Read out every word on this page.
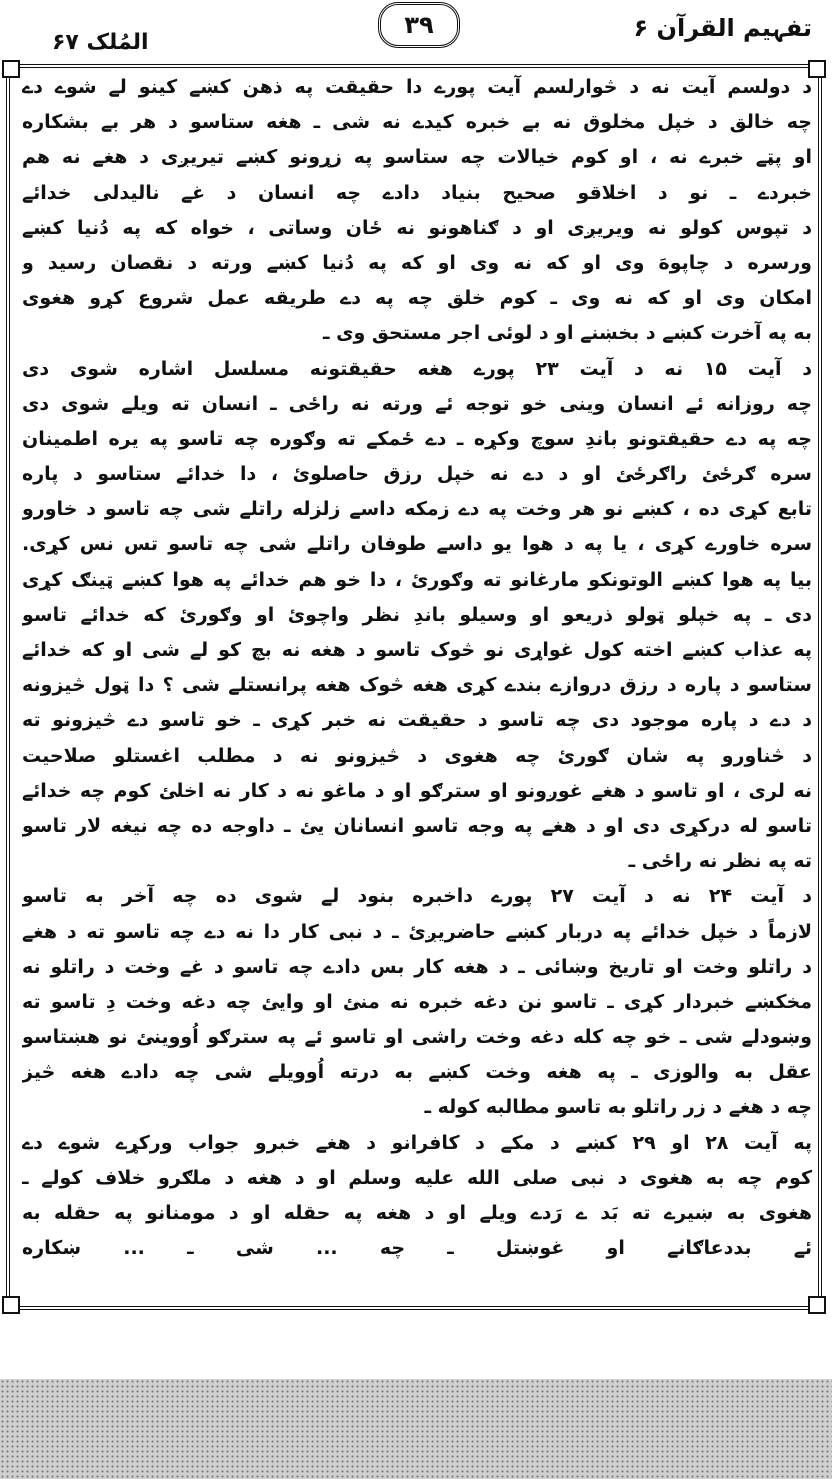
تفہیم القرآن ۶
۳۹
المُلک ۶۷
د دولسم آیت نه د څوارلسم آیت پورے دا حقیقت په ذهن کښے کینو لے شوے دے
چه خالق د خپل مخلوق نه بے خبره کیدے نه شی ـ هغه ستاسو د هر بے بشکاره
او پټے خبرے نه ، او کوم خیالات چه ستاسو په زړونو کښے تیریږی د هغے نه هم
خبردے ـ نو د اخلاقو صحیح بنیاد دادے چه انسان د غے نالیدلی خدائے
د تپوس کولو نه ویریږی او د ګناهونو نه ځان وساتی ، خواه که په دُنیا کښے
ورسره د چاپوهَ وی او که نه وی او که په دُنیا کښے ورته د نقصان رسید و
امکان وی او که نه وی ـ کوم خلق چه په دے طریقه عمل شروع کړو هغوی
به په آخرت کښے د بخښنے او د لوئی اجر مستحق وی ـ
د آیت ۱۵ نه د آیت ۲۳ پورے هغه حقیقتونه مسلسل اشاره شوی دی
چه روزانه ئے انسان وینی خو توجه ئے ورته نه راځی ـ انسان ته ویلے شوی دی
چه په دے حقیقتونو باندِ سوچ وکړه ـ دے ځمکے ته وګوره چه تاسو په یره اطمینان
سره ګرځئ راګرځئ او د دے نه خپل رزق حاصلوئ ، دا خدائے ستاسو د پاره
تابع کړی ده ، کښے نو هر وخت په دے زمکه داسے زلزله راتلے شی چه تاسو د خاورو
سره خاورے کړی ، یا په د هوا یو داسے طوفان راتلے شی چه تاسو تس نس کړی.
بیا په هوا کښے الوتونکو مارغانو ته وګورئ ، دا خو هم خدائے په هوا کښے ټینګ کړی
دی ـ په خپلو ټولو ذریعو او وسیلو باندِ نظر واچوئ او وګورئ که خدائے تاسو
په عذاب کښے اخته کول غواړی نو څوک تاسو د هغه نه بچ کو لے شی او که خدائے
ستاسو د پاره د رزق دروازے بندے کړی هغه څوک هغه پرانستلے شی ؟ دا ټول څیزونه
د دے د پاره موجود دی چه تاسو د حقیقت نه خبر کړی ـ خو تاسو دے څیزونو ته
د څناورو په شان ګورئ چه هغوی د څیزونو نه د مطلب اغستلو صلاحیت
نه لری ، او تاسو د هغے غوږونو او سترګو او د ماغو نه د کار نه اخلئ کوم چه خدائے
تاسو له درکړی دی او د هغے په وجه تاسو انسانان یئ ـ داوجه ده چه نیغه لار تاسو
ته په نظر نه راځی ـ
د آیت ۲۴ نه د آیت ۲۷ پورے داخبره بنود لے شوی ده چه آخر به تاسو
لازماً د خپل خدائے په دربار کښے حاضریږئ ـ د نبی کار دا نه دے چه تاسو ته د هغے
د راتلو وخت او تاریخ وښائی ـ د هغه کار بس دادے چه تاسو د غے وخت د راتلو نه
مخکښے خبردار کړی ـ تاسو نن دغه خبره نه منئ او وایئ چه دغه وخت دِ تاسو ته
وښودلے شی ـ خو چه کله دغه وخت راشی او تاسو ئے په سترګو اُووینئ نو هښتاسو
عقل به والوزی ـ په هغه وخت کښے به درته اُوویلے شی چه دادے هغه څیز
چه د هغے د زر راتلو به تاسو مطالبه کوله ـ
په آیت ۲۸ او ۲۹ کښے د مکے د کافرانو د هغے خبرو جواب ورکړے شوے دے
کوم چه به هغوی د نبی صلی الله علیه وسلم او د هغه د ملګرو خلاف کولے ـ
هغوی به ښیرے ته بَد ے رَدے ویلے او د هغه په حقله او د مومنانو په حقله به
ئے بددعاګانے او غوښتل ـ چه ... شی ـ ... ښکاره
